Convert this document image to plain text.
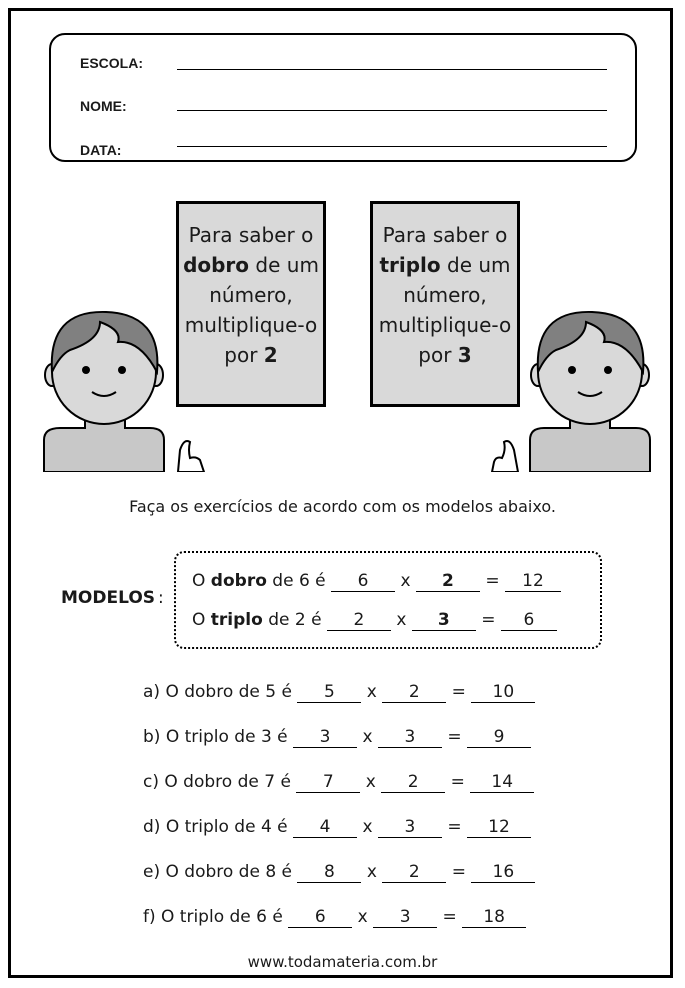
ESCOLA:
NOME:
DATA:
Para saber o
dobro de um
número,
multiplique-o
por 2
Para saber o
triplo de um
número,
multiplique-o
por 3
Faça os exercícios de acordo com os modelos abaixo.
MODELOS :
O dobro de 6 é 6 x 2 = 12
O triplo de 2 é 2 x 3 = 6
a) O dobro de 5 é 5 x 2 = 10
b) O triplo de 3 é 3 x 3 = 9
c) O dobro de 7 é 7 x 2 = 14
d) O triplo de 4 é 4 x 3 = 12
e) O dobro de 8 é 8 x 2 = 16
f) O triplo de 6 é 6 x 3 = 18
www.todamateria.com.br
